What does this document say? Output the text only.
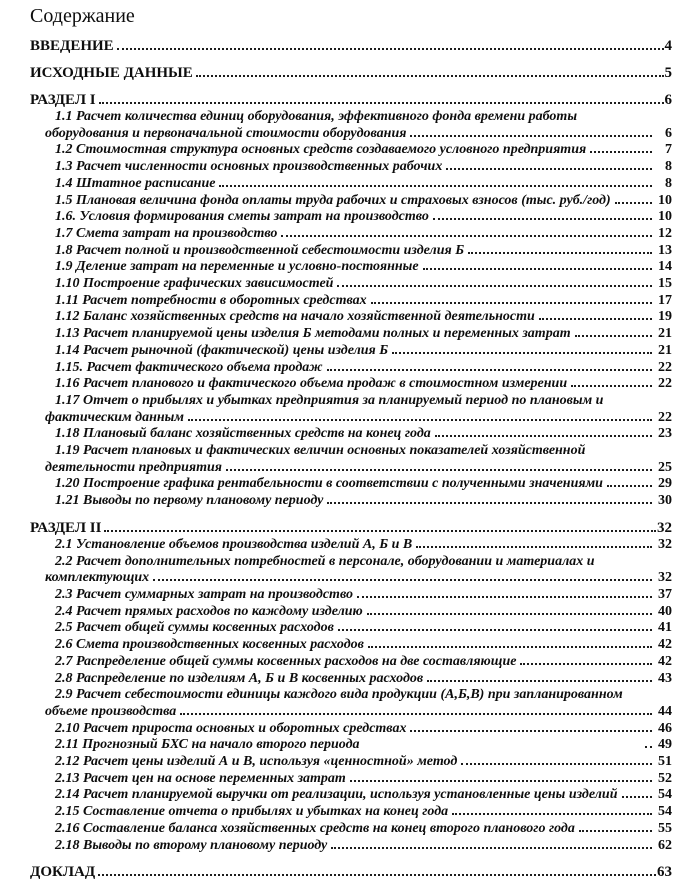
Содержание
ВВЕДЕНИЕ	4
ИСХОДНЫЕ ДАННЫЕ	5
РАЗДЕЛ I	6
1.1 Расчет количества единиц оборудования, эффективного фонда времени работы
оборудования и первоначальной стоимости оборудования	6
1.2 Стоимостная структура основных средств создаваемого условного предприятия	7
1.3 Расчет численности основных производственных рабочих	8
1.4 Штатное расписание	8
1.5 Плановая величина фонда оплаты труда рабочих и страховых взносов (тыс. руб./год)	10
1.6. Условия формирования сметы затрат на производство	10
1.7 Смета затрат на производство	12
1.8 Расчет полной и производственной себестоимости изделия Б	13
1.9 Деление затрат на переменные и условно-постоянные	14
1.10 Построение графических зависимостей	15
1.11 Расчет потребности в оборотных средствах	17
1.12 Баланс хозяйственных средств на начало хозяйственной деятельности	19
1.13 Расчет планируемой цены изделия Б методами полных и переменных затрат	21
1.14 Расчет рыночной (фактической) цены изделия Б	21
1.15. Расчет фактического объема продаж	22
1.16 Расчет планового и фактического объема продаж в стоимостном измерении	22
1.17 Отчет о прибылях и убытках предприятия за планируемый период по плановым и
фактическим данным	22
1.18 Плановый баланс хозяйственных средств на конец года	23
1.19 Расчет плановых и фактических величин основных показателей хозяйственной
деятельности предприятия	25
1.20 Построение графика рентабельности в соответствии с полученными значениями	29
1.21 Выводы по первому плановому периоду	30
РАЗДЕЛ II	32
2.1 Установление объемов производства изделий А, Б и В	32
2.2 Расчет дополнительных потребностей в персонале, оборудовании и материалах и
комплектующих	32
2.3 Расчет суммарных затрат на производство	37
2.4 Расчет прямых расходов по каждому изделию	40
2.5 Расчет общей суммы косвенных расходов	41
2.6 Смета производственных косвенных расходов	42
2.7 Распределение общей суммы косвенных расходов на две составляющие	42
2.8 Распределение по изделиям А, Б и В косвенных расходов	43
2.9 Расчет себестоимости единицы каждого вида продукции (А,Б,В) при запланированном
объеме производства	44
2.10 Расчет прироста основных и оборотных средствах	46
2.11 Прогнозный БХС на начало второго периода	49
2.12 Расчет цены изделий А и В, используя «ценностной» метод	51
2.13 Расчет цен на основе переменных затрат	52
2.14 Расчет планируемой выручки от реализации, используя установленные цены изделий	54
2.15 Составление отчета о прибылях и убытках на конец года	54
2.16 Составление баланса хозяйственных средств на конец второго планового года	55
2.18 Выводы по второму плановому периоду	62
ДОКЛАД	63
